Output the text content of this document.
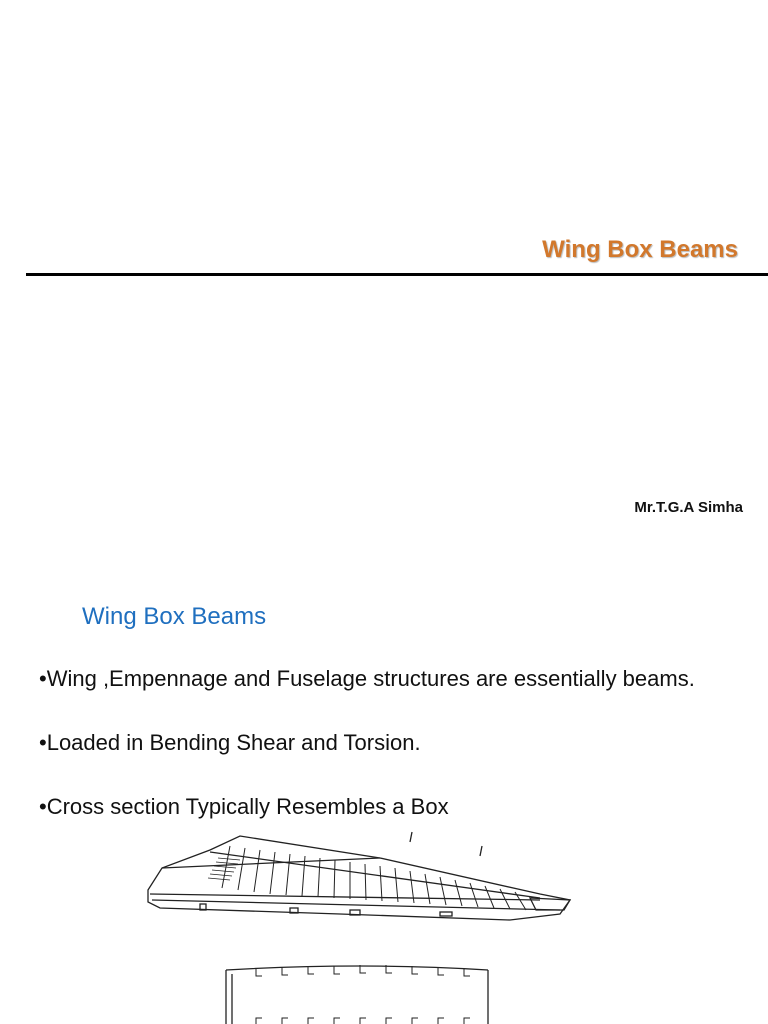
Wing Box Beams
Mr.T.G.A Simha
Wing Box Beams
• Wing ,Empennage and Fuselage structures are essentially beams.
• Loaded in Bending Shear and Torsion.
• Cross section Typically Resembles a Box
